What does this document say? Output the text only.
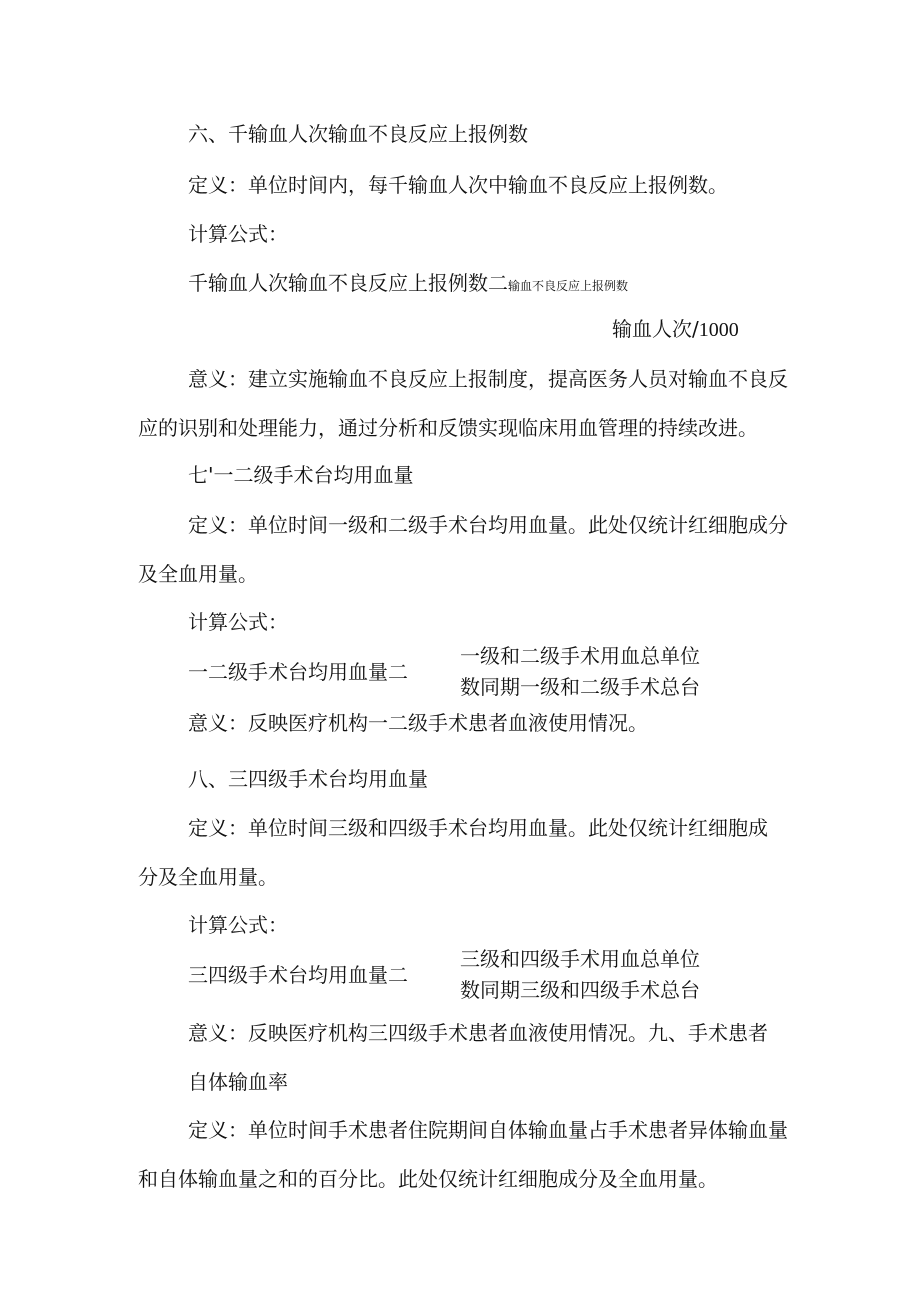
六、千输血人次输血不良反应上报例数
定义：单位时间内，每千输血人次中输血不良反应上报例数。
计算公式：
千输血人次输血不良反应上报例数二输血不良反应上报例数
输血人次/1000
意义：建立实施输血不良反应上报制度，提高医务人员对输血不良反
应的识别和处理能力，通过分析和反馈实现临床用血管理的持续改进。
七'一二级手术台均用血量
定义：单位时间一级和二级手术台均用血量。此处仅统计红细胞成分
及全血用量。
计算公式：
一二级手术台均用血量二
一级和二级手术用血总单位
数同期一级和二级手术总台
意义：反映医疗机构一二级手术患者血液使用情况。
八、三四级手术台均用血量
定义：单位时间三级和四级手术台均用血量。此处仅统计红细胞成
分及全血用量。
计算公式：
三四级手术台均用血量二
三级和四级手术用血总单位
数同期三级和四级手术总台
意义：反映医疗机构三四级手术患者血液使用情况。九、手术患者
自体输血率
定义：单位时间手术患者住院期间自体输血量占手术患者异体输血量
和自体输血量之和的百分比。此处仅统计红细胞成分及全血用量。
